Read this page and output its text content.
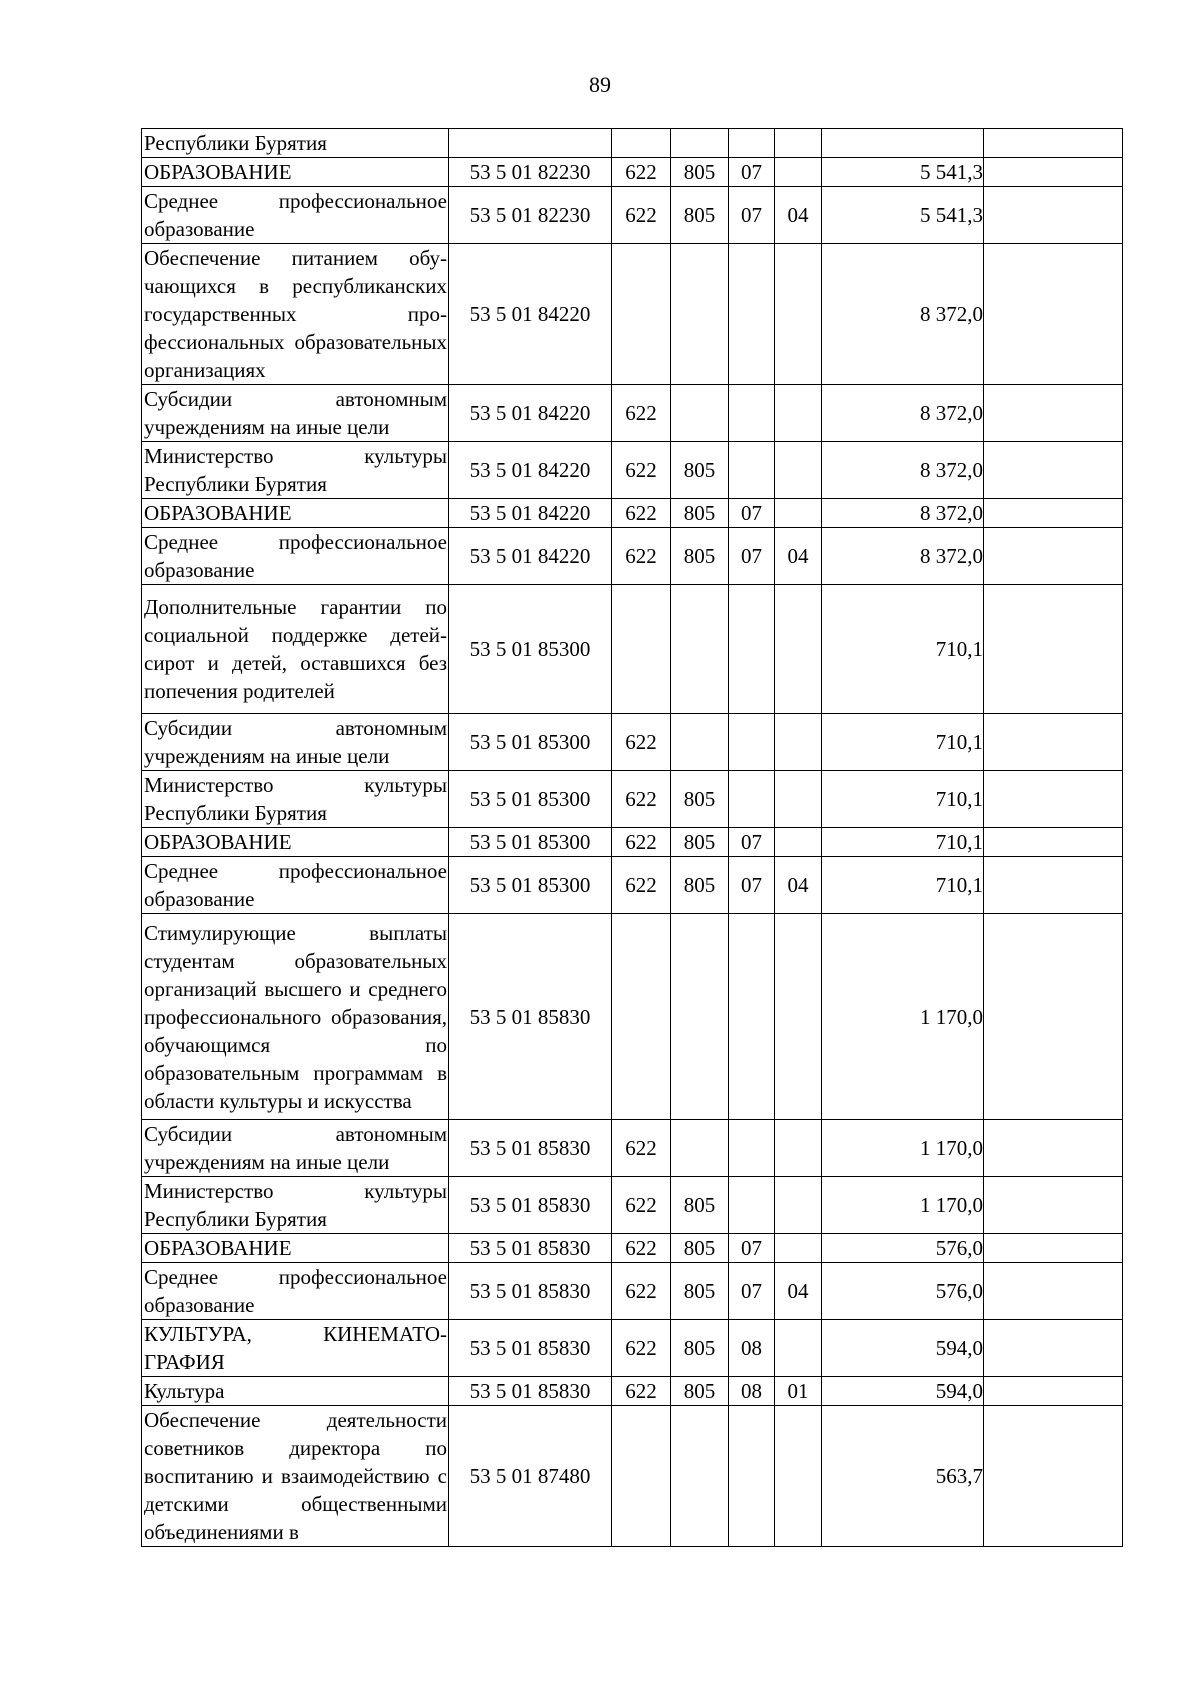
89
Республики Бурятия							
ОБРАЗОВАНИЕ	53 5 01 82230	622	805	07		5 541,3	
Среднее профессиональное образование	53 5 01 82230	622	805	07	04	5 541,3	
Обеспечение питанием обучающихся в республиканских государственных профессиональных образовательных организациях	53 5 01 84220					8 372,0	
Субсидии автономным учреждениям на иные цели	53 5 01 84220	622				8 372,0	
Министерство культуры Республики Бурятия	53 5 01 84220	622	805			8 372,0	
ОБРАЗОВАНИЕ	53 5 01 84220	622	805	07		8 372,0	
Среднее профессиональное образование	53 5 01 84220	622	805	07	04	8 372,0	
Дополнительные гарантии по социальной поддержке детей-сирот и детей, оставшихся без попечения родителей	53 5 01 85300					710,1	
Субсидии автономным учреждениям на иные цели	53 5 01 85300	622				710,1	
Министерство культуры Республики Бурятия	53 5 01 85300	622	805			710,1	
ОБРАЗОВАНИЕ	53 5 01 85300	622	805	07		710,1	
Среднее профессиональное образование	53 5 01 85300	622	805	07	04	710,1	
Стимулирующие выплаты студентам образовательных организаций высшего и среднего профессионального образования, обучающимся по образовательным программам в области культуры и искусства	53 5 01 85830					1 170,0	
Субсидии автономным учреждениям на иные цели	53 5 01 85830	622				1 170,0	
Министерство культуры Республики Бурятия	53 5 01 85830	622	805			1 170,0	
ОБРАЗОВАНИЕ	53 5 01 85830	622	805	07		576,0	
Среднее профессиональное образование	53 5 01 85830	622	805	07	04	576,0	
КУЛЬТУРА, КИНЕМАТОГРАФИЯ	53 5 01 85830	622	805	08		594,0	
Культура	53 5 01 85830	622	805	08	01	594,0	
Обеспечение деятельности советников директора по воспитанию и взаимодействию с детскими общественными объединениями в	53 5 01 87480					563,7	
